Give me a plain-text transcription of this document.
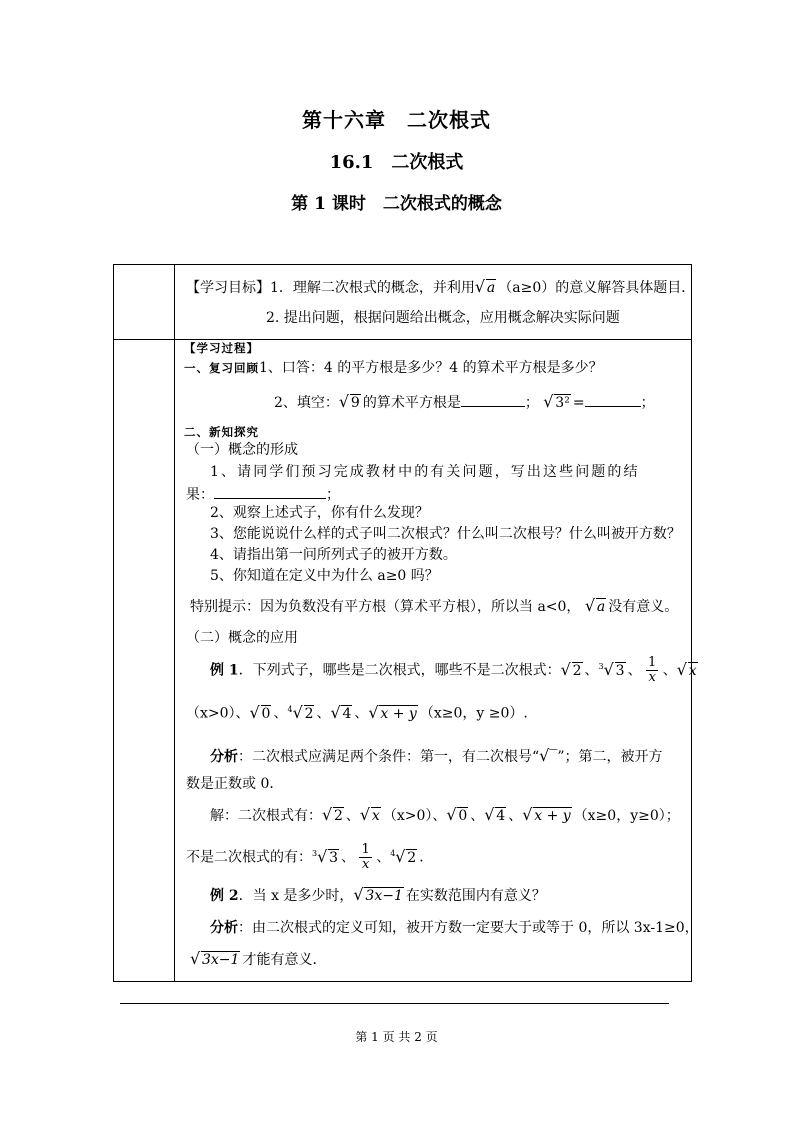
第十六章　二次根式
16.1　二次根式
第 1 课时　二次根式的概念
【学习目标】1．理解二次根式的概念，并利用 √ a （a≥0）的意义解答具体题目．
2. 提出问题，根据问题给出概念，应用概念解决实际问题
【学习过程】
一、复习回顾1、口答：4 的平方根是多少？4 的算术平方根是多少？
2、填空： √ 9 的算术平方根是	； √ 3² =	；
二、新知探究
（一）概念的形成
1、请同学们预习完成教材中的有关问题，写出这些问题的结
果：	；
2、观察上述式子，你有什么发现？
3、您能说说什么样的式子叫二次根式？什么叫二次根号？什么叫被开方数？
4、请指出第一问所列式子的被开方数。
5、你知道在定义中为什么 a≥0 吗？
特别提示：因为负数没有平方根（算术平方根），所以当 a<0， √ a 没有意义。
（二）概念的应用
例 1．下列式子，哪些是二次根式，哪些不是二次根式： √ 2 、$^3$ √ 3 、 $\frac{1}{x}$ 、 √ x
（x>0）、 √ 0 、$^4$ √ 2 、 √ 4 、 √ x + y （x≥0，y ≥0）.
分析：二次根式应满足两个条件：第一，有二次根号“√‾”；第二，被开方
数是正数或 0．
解：二次根式有： √ 2 、 √ x （x>0）、 √ 0 、 √ 4 、 √ x + y （x≥0，y≥0）；
不是二次根式的有：$^3$ √ 3 、 $\frac{1}{x}$ 、$^4$ √ 2 ．
例 2．当 x 是多少时， √ 3x−1 在实数范围内有意义？
分析：由二次根式的定义可知，被开方数一定要大于或等于 0，所以 3x-1≥0，
√ 3x−1 才能有意义．
第 1 页 共 2 页
